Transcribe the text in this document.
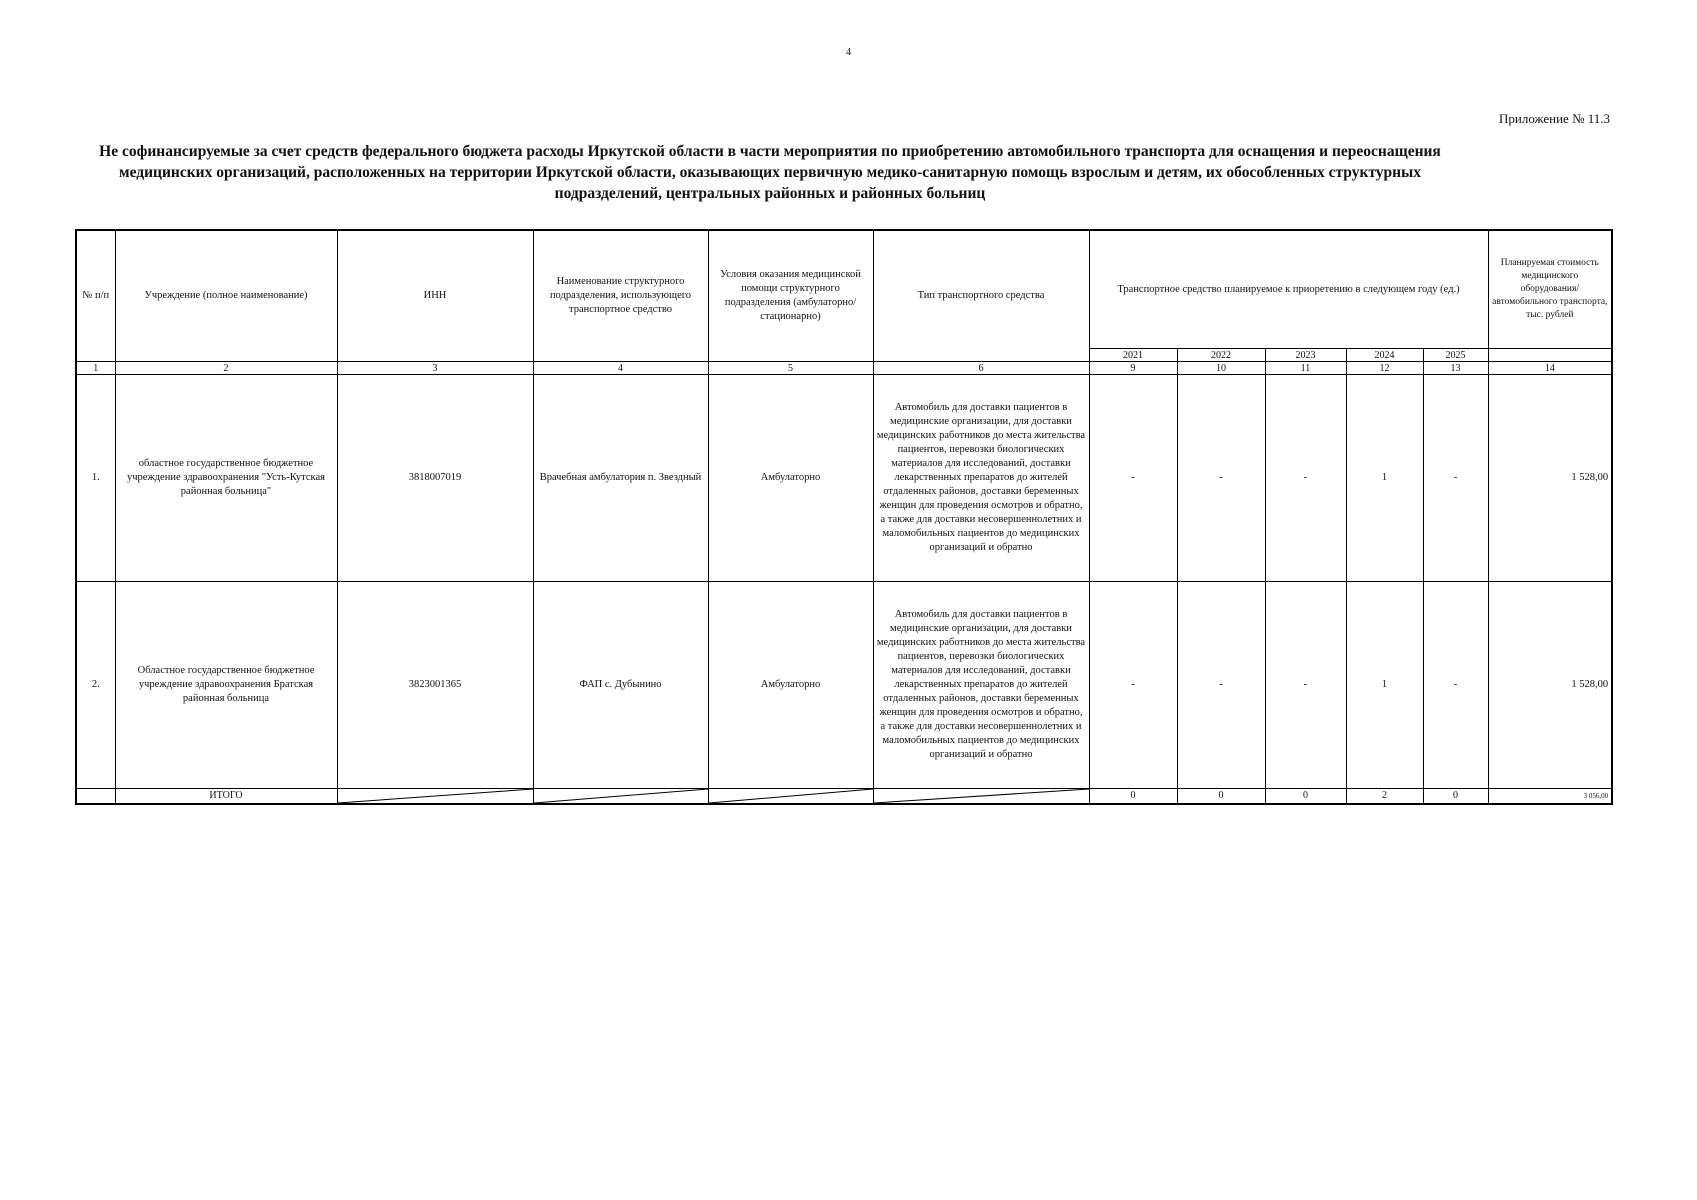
4
Приложение № 11.3
Не софинансируемые за счет средств федерального бюджета расходы Иркутской области в части мероприятия по приобретению автомобильного транспорта для оснащения и переоснащения медицинских организаций, расположенных на территории Иркутской области, оказывающих первичную медико-санитарную помощь взрослым и детям, их обособленных структурных подразделений, центральных районных и районных больниц
№ п/п	Учреждение (полное наименование)	ИНН	Наименование структурного подразделения, использующего транспортное средство	Условия оказания медицинской помощи структурного подразделения (амбулаторно/стационарно)	Тип транспортного средства	Транспортное средство планируемое к приоретению в следующем году (ед.)					Планируемая стоимость медицинского оборудования/автомобильного транспорта, тыс. рублей
						2021	2022	2023	2024	2025	
1	2	3	4	5	6	9	10	11	12	13	14
1.	областное государственное бюджетное учреждение здравоохранения "Усть-Кутская районная больница"	3818007019	Врачебная амбулатория п. Звездный	Амбулаторно	Автомобиль для доставки пациентов в медицинские организации, для доставки медицинских работников до места жительства пациентов, перевозки биологических материалов для исследований, доставки лекарственных препаратов до жителей отдаленных районов, доставки беременных женщин для проведения осмотров и обратно, а также для доставки несовершеннолетних и маломобильных пациентов до медицинских организаций и обратно	-	-	-	1	-	1 528,00
2.	Областное государственное бюджетное учреждение здравоохранения Братская районная больница	3823001365	ФАП с. Дубынино	Амбулаторно	Автомобиль для доставки пациентов в медицинские организации, для доставки медицинских работников до места жительства пациентов, перевозки биологических материалов для исследований, доставки лекарственных препаратов до жителей отдаленных районов, доставки беременных женщин для проведения осмотров и обратно, а также для доставки несовершеннолетних и маломобильных пациентов до медицинских организаций и обратно	-	-	-	1	-	1 528,00
	ИТОГО					0	0	0	2	0	3 056,00
